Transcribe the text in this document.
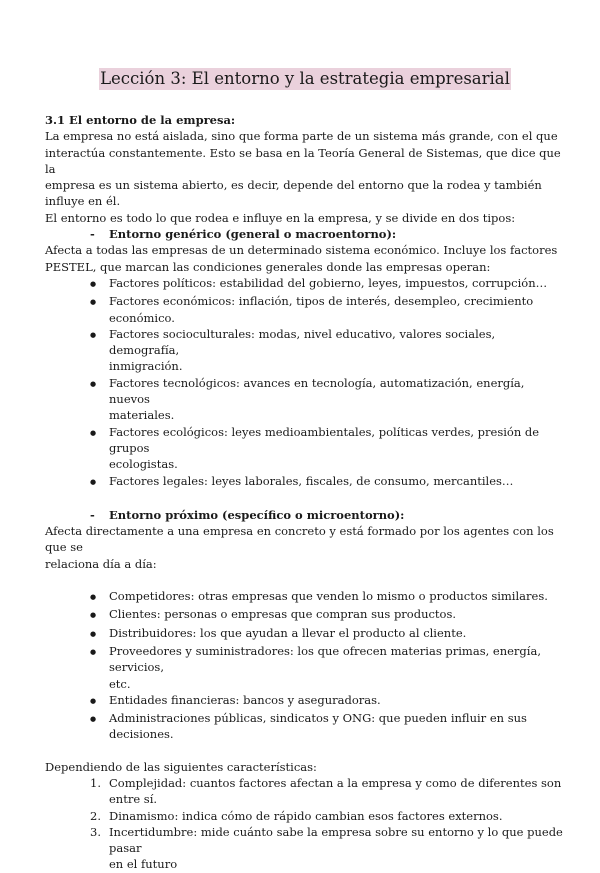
Lección 3: El entorno y la estrategia empresarial

3.1 El entorno de la empresa:

La empresa no está aislada, sino que forma parte de un sistema más grande, con el que
interactúa constantemente. Esto se basa en la Teoría General de Sistemas, que dice que la
empresa es un sistema abierto, es decir, depende del entorno que la rodea y también
influye en él.

El entorno es todo lo que rodea e influye en la empresa, y se divide en dos tipos:

-	Entorno genérico (general o macroentorno):
Afecta a todas las empresas de un determinado sistema económico. Incluye los factores
PESTEL, que marcan las condiciones generales donde las empresas operan:
●
Factores políticos: estabilidad del gobierno, leyes, impuestos, corrupción…
●
Factores económicos: inflación, tipos de interés, desempleo, crecimiento
económico.
●
Factores socioculturales: modas, nivel educativo, valores sociales, demografía,
inmigración.
●
Factores tecnológicos: avances en tecnología, automatización, energía, nuevos
materiales.
●
Factores ecológicos: leyes medioambientales, políticas verdes, presión de grupos
ecologistas.
●
Factores legales: leyes laborales, fiscales, de consumo, mercantiles…
-	Entorno próximo (específico o microentorno):
Afecta directamente a una empresa en concreto y está formado por los agentes con los que se
relaciona día a día:
●
Competidores: otras empresas que venden lo mismo o productos similares.
●
Clientes: personas o empresas que compran sus productos.
●
Distribuidores: los que ayudan a llevar el producto al cliente.
●
Proveedores y suministradores: los que ofrecen materias primas, energía, servicios,
etc.
●
Entidades financieras: bancos y aseguradoras.
●
Administraciones públicas, sindicatos y ONG: que pueden influir en sus decisiones.

Dependiendo de las siguientes características:

1. Complejidad: cuantos factores afectan a la empresa y como de diferentes son entre sí.
2. Dinamismo: indica cómo de rápido cambian esos factores externos.
3. Incertidumbre: mide cuánto sabe la empresa sobre su entorno y lo que puede pasar
en el futuro
